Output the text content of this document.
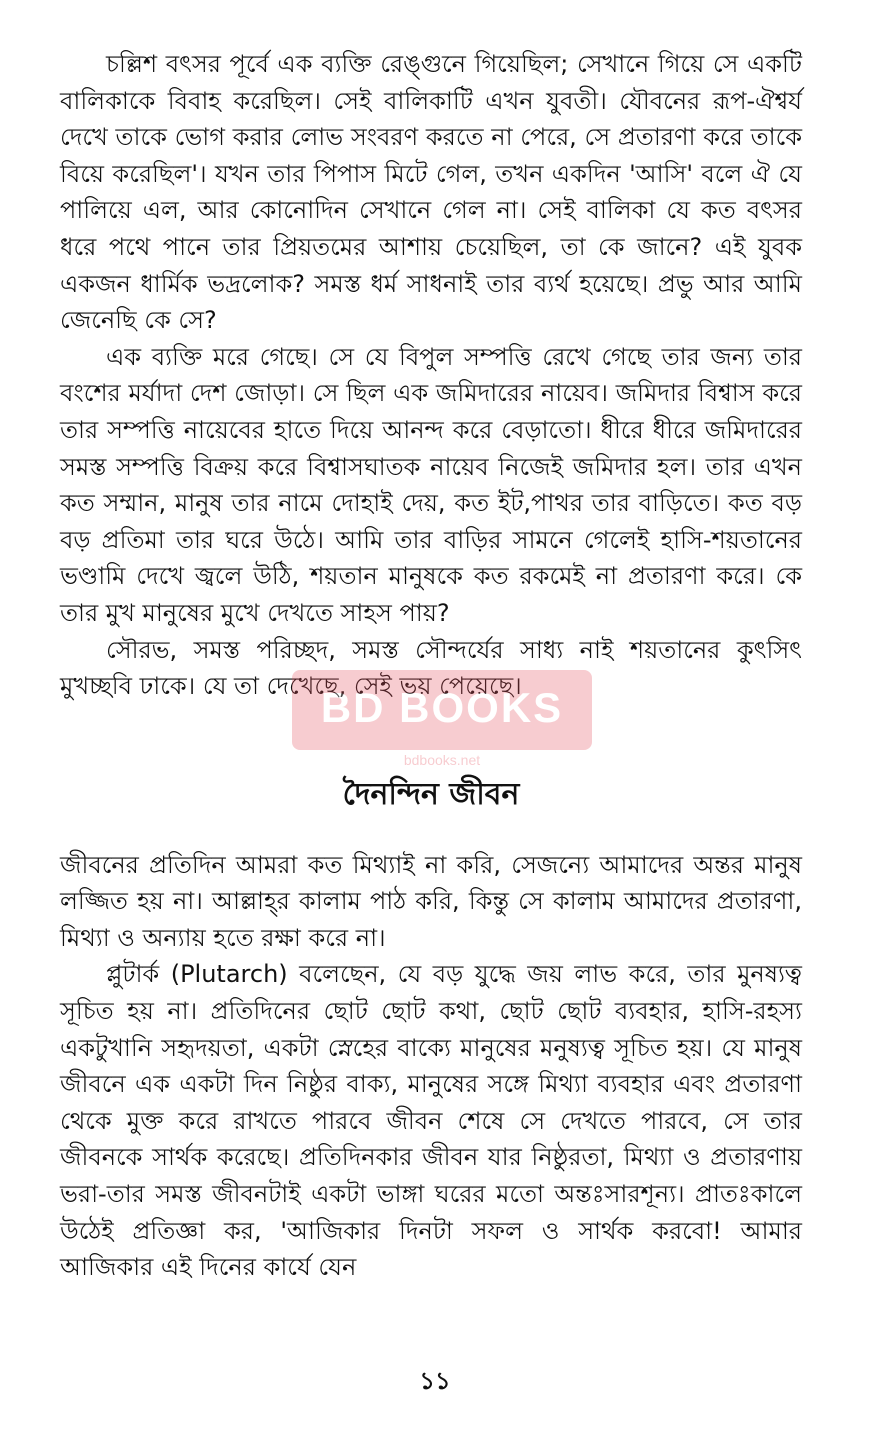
চল্লিশ বৎসর পূর্বে এক ব্যক্তি রেঙ্গুনে গিয়েছিল; সেখানে গিয়ে সে একটি বালিকাকে বিবাহ করেছিল। সেই বালিকাটি এখন যুবতী। যৌবনের রূপ-ঐশ্বর্য দেখে তাকে ভোগ করার লোভ সংবরণ করতে না পেরে, সে প্রতারণা করে তাকে বিয়ে করেছিল'। যখন তার পিপাস মিটে গেল, তখন একদিন 'আসি' বলে ঐ যে পালিয়ে এল, আর কোনোদিন সেখানে গেল না। সেই বালিকা যে কত বৎসর ধরে পথে পানে তার প্রিয়তমের আশায় চেয়েছিল, তা কে জানে? এই যুবক একজন ধার্মিক ভদ্রলোক? সমস্ত ধর্ম সাধনাই তার ব্যর্থ হয়েছে। প্রভু আর আমি জেনেছি কে সে?

এক ব্যক্তি মরে গেছে। সে যে বিপুল সম্পত্তি রেখে গেছে তার জন্য তার বংশের মর্যাদা দেশ জোড়া। সে ছিল এক জমিদারের নায়েব। জমিদার বিশ্বাস করে তার সম্পত্তি নায়েবের হাতে দিয়ে আনন্দ করে বেড়াতো। ধীরে ধীরে জমিদারের সমস্ত সম্পত্তি বিক্রয় করে বিশ্বাসঘাতক নায়েব নিজেই জমিদার হল। তার এখন কত সম্মান, মানুষ তার নামে দোহাই দেয়, কত ইট,পাথর তার বাড়িতে। কত বড় বড় প্রতিমা তার ঘরে উঠে। আমি তার বাড়ির সামনে গেলেই হাসি-শয়তানের ভণ্ডামি দেখে জ্বলে উঠি, শয়তান মানুষকে কত রকমেই না প্রতারণা করে। কে তার মুখ মানুষের মুখে দেখতে সাহস পায়?

সৌরভ, সমস্ত পরিচ্ছদ, সমস্ত সৌন্দর্যের সাধ্য নাই শয়তানের কুৎসিৎ মুখচ্ছবি ঢাকে। যে তা দেখেছে, সেই ভয় পেয়েছে।

দৈনন্দিন জীবন

জীবনের প্রতিদিন আমরা কত মিথ্যাই না করি, সেজন্যে আমাদের অন্তর মানুষ লজ্জিত হয় না। আল্লাহ্‌র কালাম পাঠ করি, কিন্তু সে কালাম আমাদের প্রতারণা, মিথ্যা ও অন্যায় হতে রক্ষা করে না।

প্লুটার্ক (Plutarch) বলেছেন, যে বড় যুদ্ধে জয় লাভ করে, তার মুনষ্যত্ব সূচিত হয় না। প্রতিদিনের ছোট ছোট কথা, ছোট ছোট ব্যবহার, হাসি-রহস্য একটুখানি সহৃদয়তা, একটা স্নেহের বাক্যে মানুষের মনুষ্যত্ব সূচিত হয়। যে মানুষ জীবনে এক একটা দিন নিষ্ঠুর বাক্য, মানুষের সঙ্গে মিথ্যা ব্যবহার এবং প্রতারণা থেকে মুক্ত করে রাখতে পারবে জীবন শেষে সে দেখতে পারবে, সে তার জীবনকে সার্থক করেছে। প্রতিদিনকার জীবন যার নিষ্ঠুরতা, মিথ্যা ও প্রতারণায় ভরা-তার সমস্ত জীবনটাই একটা ভাঙ্গা ঘরের মতো অন্তঃসারশূন্য। প্রাতঃকালে উঠেই প্রতিজ্ঞা কর, 'আজিকার দিনটা সফল ও সার্থক করবো! আমার আজিকার এই দিনের কার্যে যেন

BD BOOKS
bdbooks.net
১১
